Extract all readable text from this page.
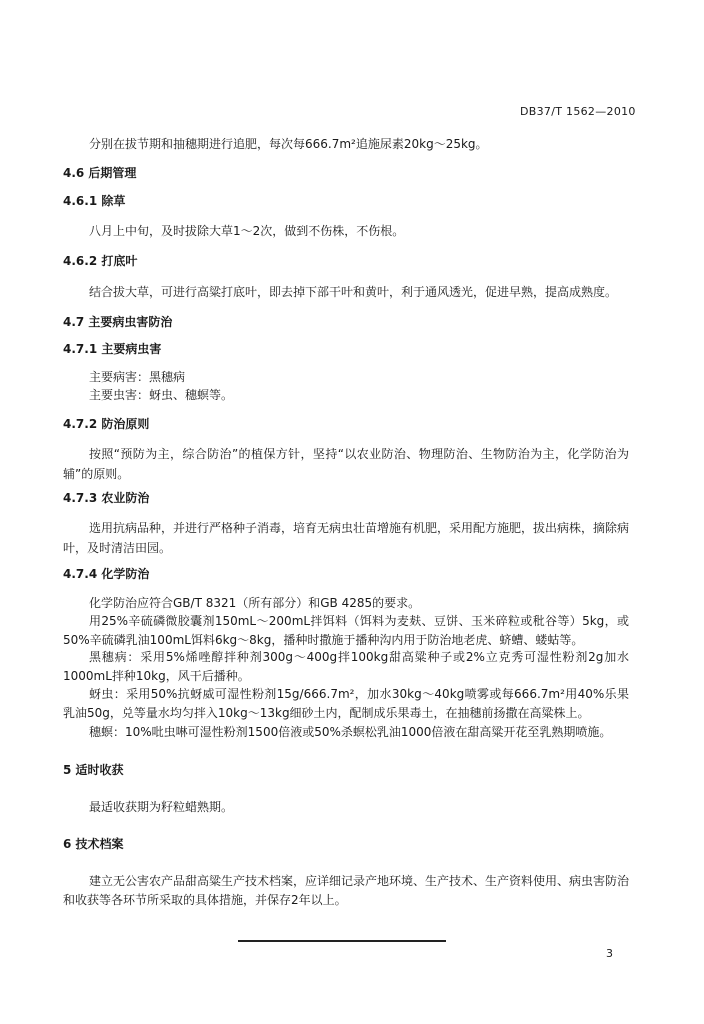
DB37/T 1562—2010
分别在拔节期和抽穗期进行追肥，每次每666.7m²追施尿素20kg～25kg。
4.6 后期管理
4.6.1 除草
八月上中旬，及时拔除大草1～2次，做到不伤株，不伤根。
4.6.2 打底叶
结合拔大草，可进行高粱打底叶，即去掉下部干叶和黄叶，利于通风透光，促进早熟，提高成熟度。
4.7 主要病虫害防治
4.7.1 主要病虫害
主要病害：黑穗病
主要虫害：蚜虫、穗螟等。
4.7.2 防治原则
按照“预防为主，综合防治”的植保方针，坚持“以农业防治、物理防治、生物防治为主，化学防治为辅”的原则。
4.7.3 农业防治
选用抗病品种，并进行严格种子消毒，培育无病虫壮苗增施有机肥，采用配方施肥，拔出病株，摘除病叶，及时清洁田园。
4.7.4 化学防治
化学防治应符合GB/T 8321（所有部分）和GB 4285的要求。
用25%辛硫磷微胶囊剂150mL～200mL拌饵料（饵料为麦麸、豆饼、玉米碎粒或秕谷等）5kg，或50%辛硫磷乳油100mL饵料6kg～8kg，播种时撒施于播种沟内用于防治地老虎、蛴螬、蝼蛄等。
黑穗病：采用5%烯唑醇拌种剂300g～400g拌100kg甜高粱种子或2%立克秀可湿性粉剂2g加水1000mL拌种10kg，风干后播种。
蚜虫：采用50%抗蚜威可湿性粉剂15g/666.7m²，加水30kg～40kg喷雾或每666.7m²用40%乐果乳油50g，兑等量水均匀拌入10kg～13kg细砂土内，配制成乐果毒土，在抽穗前扬撒在高粱株上。
穗螟：10%吡虫啉可湿性粉剂1500倍液或50%杀螟松乳油1000倍液在甜高粱开花至乳熟期喷施。
5 适时收获
最适收获期为籽粒蜡熟期。
6 技术档案
建立无公害农产品甜高粱生产技术档案，应详细记录产地环境、生产技术、生产资料使用、病虫害防治和收获等各环节所采取的具体措施，并保存2年以上。
3
